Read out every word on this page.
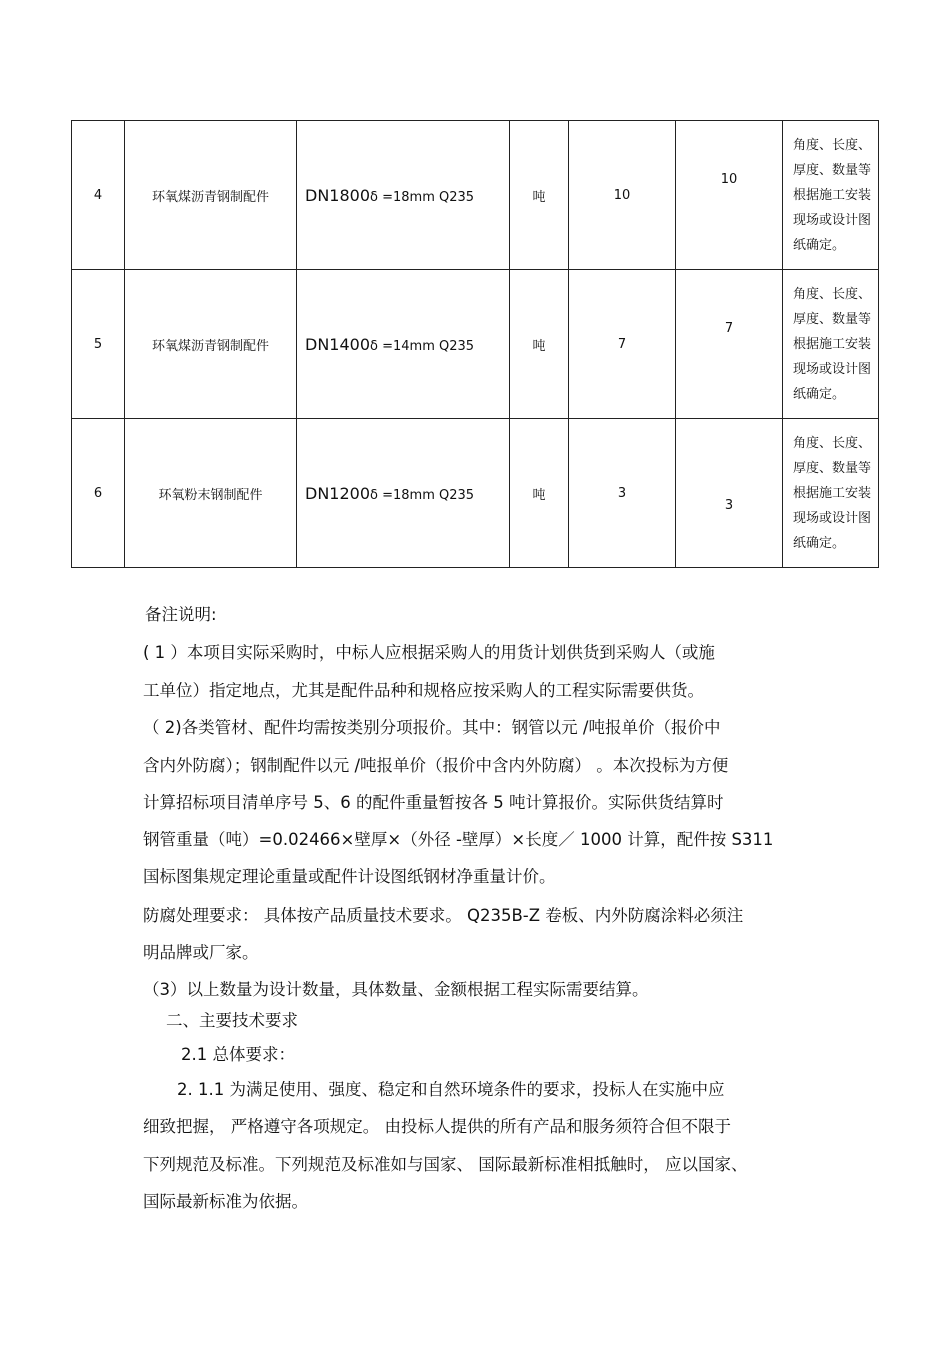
4	环氧煤沥青钢制配件	DN1800δ =18mm Q235	吨	10	10	角度、长度、厚度、数量等根据施工安装现场或设计图纸确定。
5	环氧煤沥青钢制配件	DN1400δ =14mm Q235	吨	7	7	角度、长度、厚度、数量等根据施工安装现场或设计图纸确定。
6	环氧粉末钢制配件	DN1200δ =18mm Q235	吨	3	3	角度、长度、厚度、数量等根据施工安装现场或设计图纸确定。
备注说明:
( 1 ）本项目实际采购时，中标人应根据采购人的用货计划供货到采购人（或施
工单位）指定地点，尤其是配件品种和规格应按采购人的工程实际需要供货。
（ 2)各类管材、配件均需按类别分项报价。其中：钢管以元 /吨报单价（报价中
含内外防腐）；钢制配件以元 /吨报单价（报价中含内外防腐） 。本次投标为方便
计算招标项目清单序号 5、6 的配件重量暂按各 5 吨计算报价。实际供货结算时
钢管重量（吨）=0.02466×壁厚×（外径 -壁厚）×长度／ 1000 计算，配件按 S311
国标图集规定理论重量或配件计设图纸钢材净重量计价。
防腐处理要求： 具体按产品质量技术要求。 Q235B-Z 卷板、内外防腐涂料必须注
明品牌或厂家。
（3）以上数量为设计数量，具体数量、金额根据工程实际需要结算。
二、主要技术要求
2.1 总体要求：
2. 1.1 为满足使用、强度、稳定和自然环境条件的要求，投标人在实施中应
细致把握， 严格遵守各项规定。 由投标人提供的所有产品和服务须符合但不限于
下列规范及标准。下列规范及标准如与国家、 国际最新标准相抵触时， 应以国家、
国际最新标准为依据。
